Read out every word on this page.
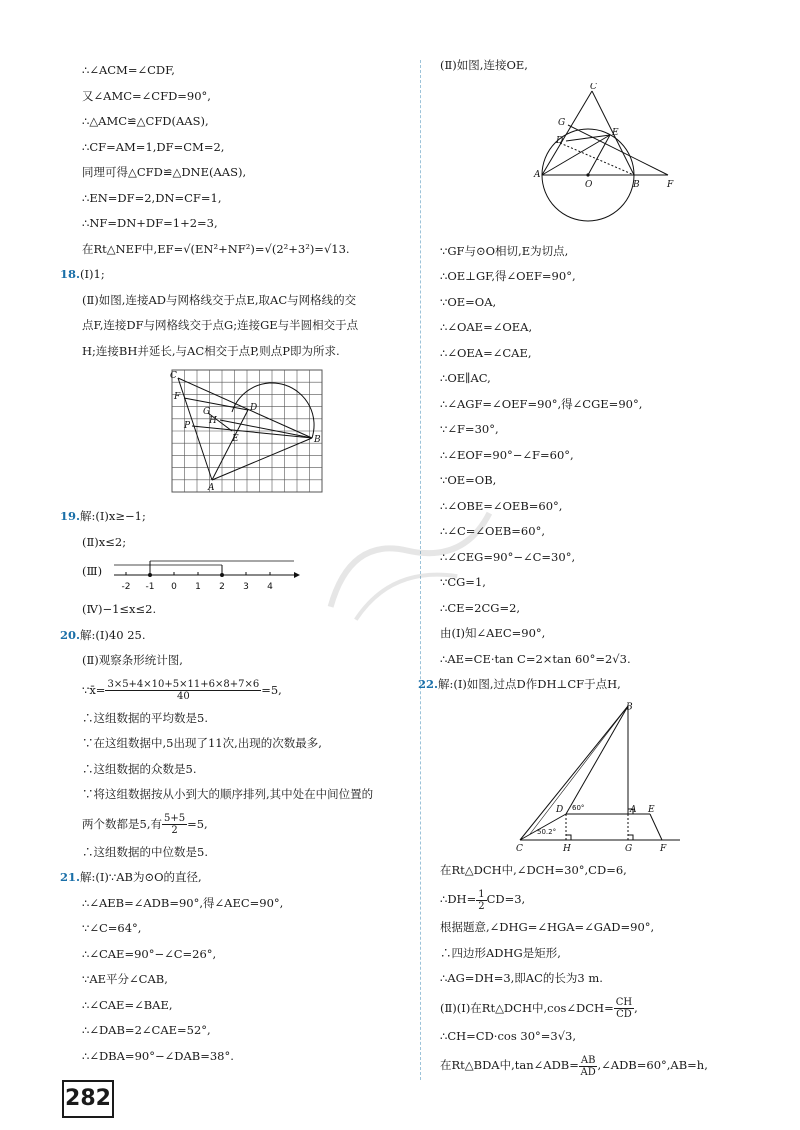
∴∠ACM=∠CDF,
又∠AMC=∠CFD=90°,
∴△AMC≌△CFD(AAS),
∴CF=AM=1,DF=CM=2,
同理可得△CFD≌△DNE(AAS),
∴EN=DF=2,DN=CF=1,
∴NF=DN+DF=1+2=3,
在Rt△NEF中,EF=√(EN²+NF²)=√(2²+3²)=√13.
18.(Ⅰ)1;
(Ⅱ)如图,连接AD与网格线交于点E,取AC与网格线的交
点F,连接DF与网格线交于点G;连接GE与半圆相交于点
H;连接BH并延长,与AC相交于点P,则点P即为所求.
C
F
G
H
P
D
E	B
A
19.解:(Ⅰ)x≥−1;
(Ⅱ)x≤2;
(Ⅲ)
-2 -1 0 1 2 3 4
(Ⅳ)−1≤x≤2.
20.解:(Ⅰ)40 25.
(Ⅱ)观察条形统计图,
∵x̄= $\frac{3\times 5+4\times 10+5\times 11+6\times 8+7\times 6}{40} =5$,
∴这组数据的平均数是5.
∵在这组数据中,5出现了11次,出现的次数最多,
∴这组数据的众数是5.
∵将这组数据按从小到大的顺序排列,其中处在中间位置的
两个数都是5,有 $\frac{5+5}{2} =5$,
∴这组数据的中位数是5.
21.解:(Ⅰ)∵AB为⊙O的直径,
∴∠AEB=∠ADB=90°,得∠AEC=90°,
∵∠C=64°,
∴∠CAE=90°−∠C=26°,
∵AE平分∠CAB,
∴∠CAE=∠BAE,
∴∠DAB=2∠CAE=52°,
∴∠DBA=90°−∠DAB=38°.
(Ⅱ)如图,连接OE,
C
G
D
E
A
O	B	F
∵GF与⊙O相切,E为切点,
∴OE⊥GF,得∠OEF=90°,
∵OE=OA,
∴∠OAE=∠OEA,
∴∠OEA=∠CAE,
∴OE∥AC,
∴∠AGF=∠OEF=90°,得∠CGE=90°,
∵∠F=30°,
∴∠EOF=90°−∠F=60°,
∵OE=OB,
∴∠OBE=∠OEB=60°,
∴∠C=∠OEB=60°,
∴∠CEG=90°−∠C=30°,
∵CG=1,
∴CE=2CG=2,
由(Ⅰ)知∠AEC=90°,
∴AE=CE·tan C=2×tan 60°=2√3.
22.解:(Ⅰ)如图,过点D作DH⊥CF于点H,
B
D	A E
C	H	G	F
60°
50.2°
在Rt△DCH中,∠DCH=30°,CD=6,
∴DH= $\frac{1}{2} CD=3$,
根据题意,∠DHG=∠HGA=∠GAD=90°,
∴四边形ADHG是矩形,
∴AG=DH=3,即AC的长为3 m.
(Ⅱ)(Ⅰ)在Rt△DCH中,cos∠DCH= $\frac{CH}{CD}$ ,
∴CH=CD·cos 30°=3√3,
在Rt△BDA中,tan∠ADB= $\frac{AB}{AD}$ ,∠ADB=60°,AB=h,
282
